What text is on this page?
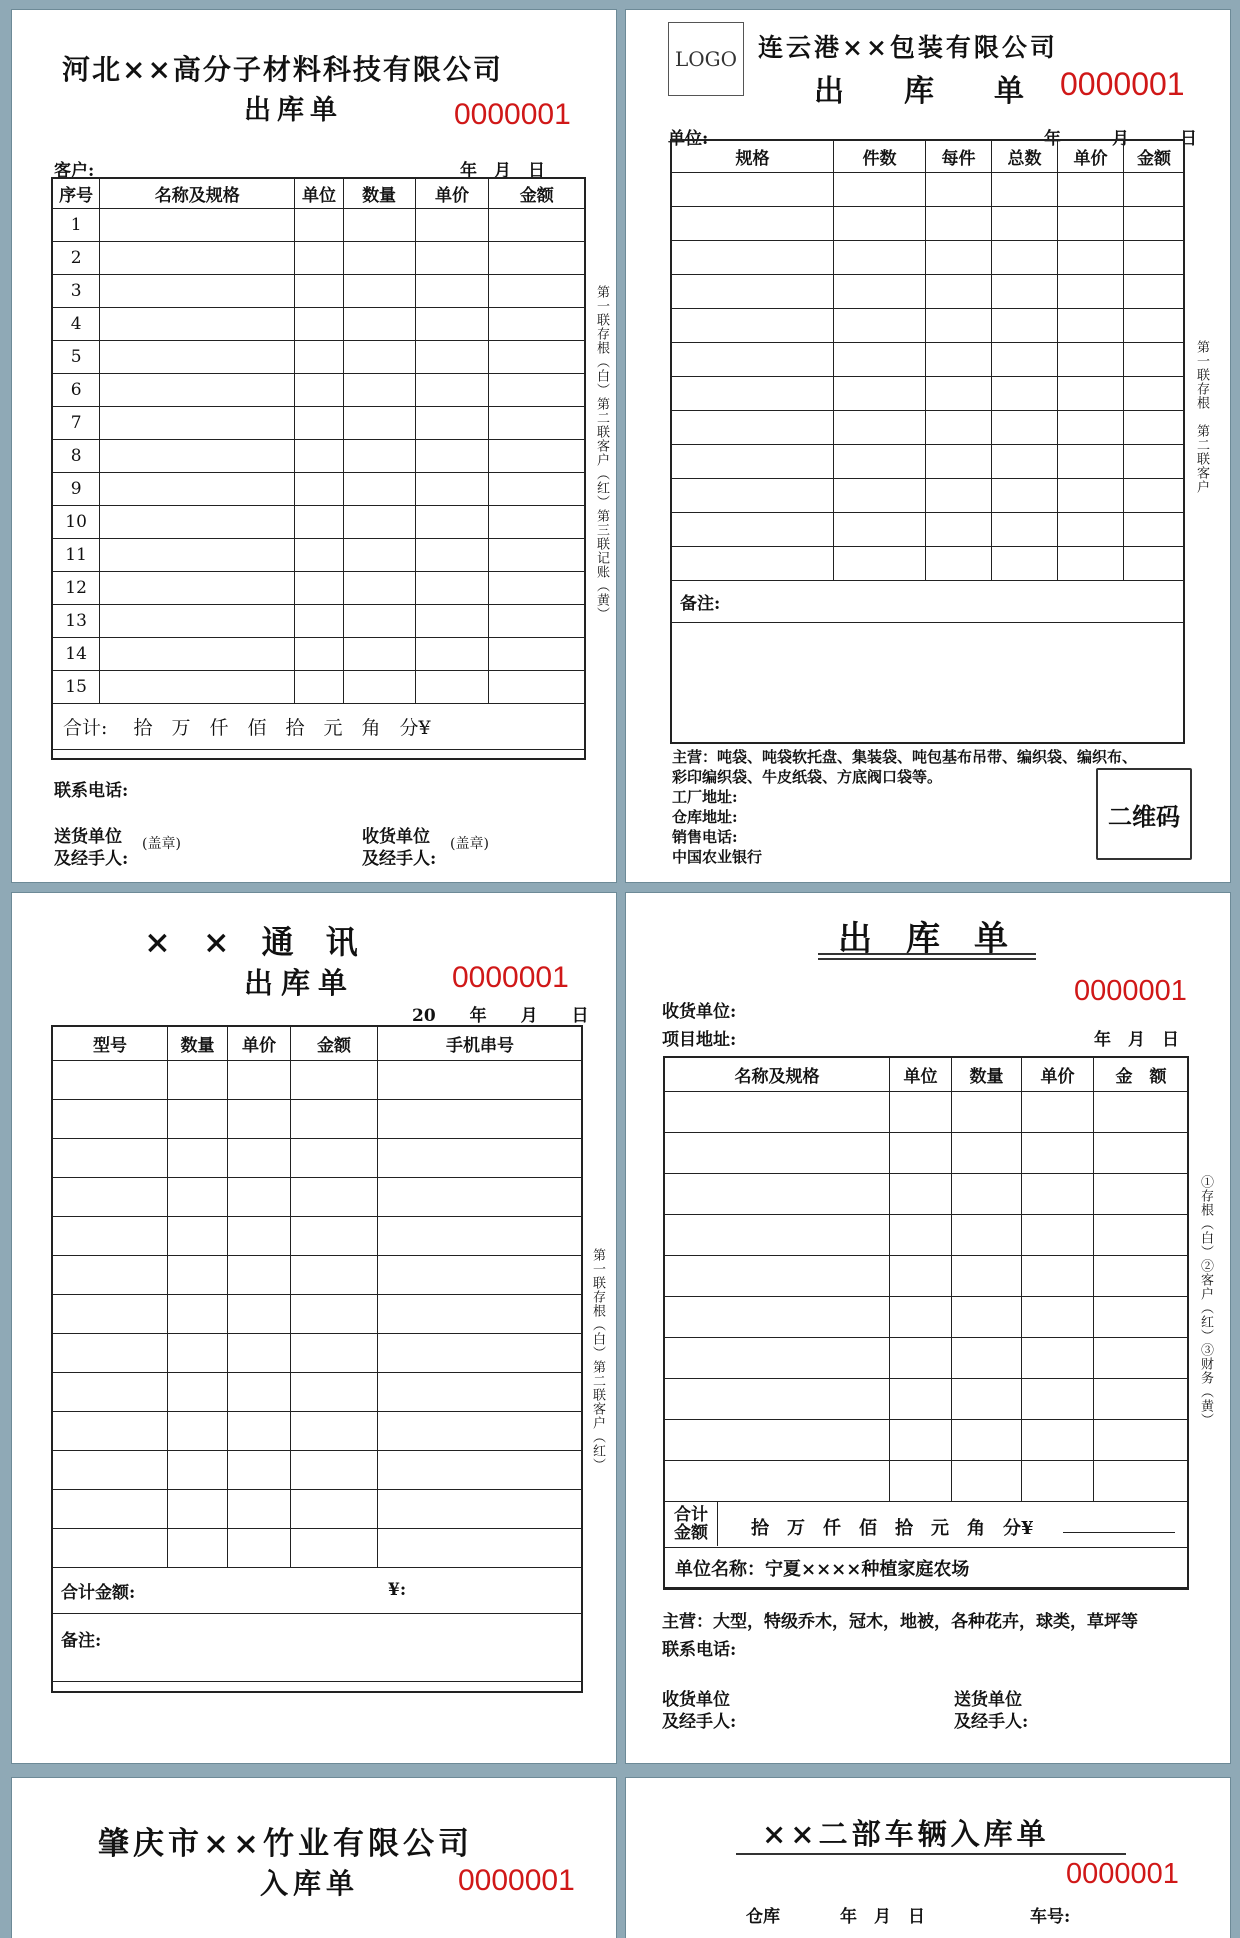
河北××高分子材料科技有限公司
出库单	0000001
客户:	年　月　日
序号	名称及规格	单位	数量	单价	金额
1					
2					
3					
4					
5					
6					
7					
8					
9					
10					
11					
12					
13					
14					
15					
合计: 拾　万　仟　佰　拾　元　角　分¥					
第一联存根（白）第二联客户（红）第三联记账（黄）
联系电话:
送货单位
及经手人:
(盖章)	收货单位
及经手人:
(盖章)
LOGO 连云港××包装有限公司
出　　库　　单 0000001
单位:	年　　　月　　　日
规格	件数	每件	总数	单价	金额

备注:					
第一联存根　第二联客户
主营：吨袋、吨袋软托盘、集装袋、吨包基布吊带、编织袋、编织布、
彩印编织袋、牛皮纸袋、方底阀口袋等。
工厂地址:
仓库地址:
销售电话:
中国农业银行
二维码
×　×　通　讯
出库单	0000001
20　　年　　月　　日
型号	数量	单价	金额	手机串号

合计金额: ¥:				

备注:				
第一联存根（白）第二联客户（红）
出　库　单
0000001
收货单位:
项目地址:	年　月　日
名称及规格	单位	数量	单价	金　额

合计
金额 拾　万　仟　佰　拾　元　角　分¥				

单位名称：宁夏××××种植家庭农场				
①存根（白）②客户（红）③财务（黄）
主营：大型，特级乔木，冠木，地被，各种花卉，球类，草坪等
联系电话:
收货单位
及经手人:
送货单位
及经手人:
肇庆市××竹业有限公司
入库单	0000001
××二部车辆入库单
0000001
仓库	年　月　日	车号:
